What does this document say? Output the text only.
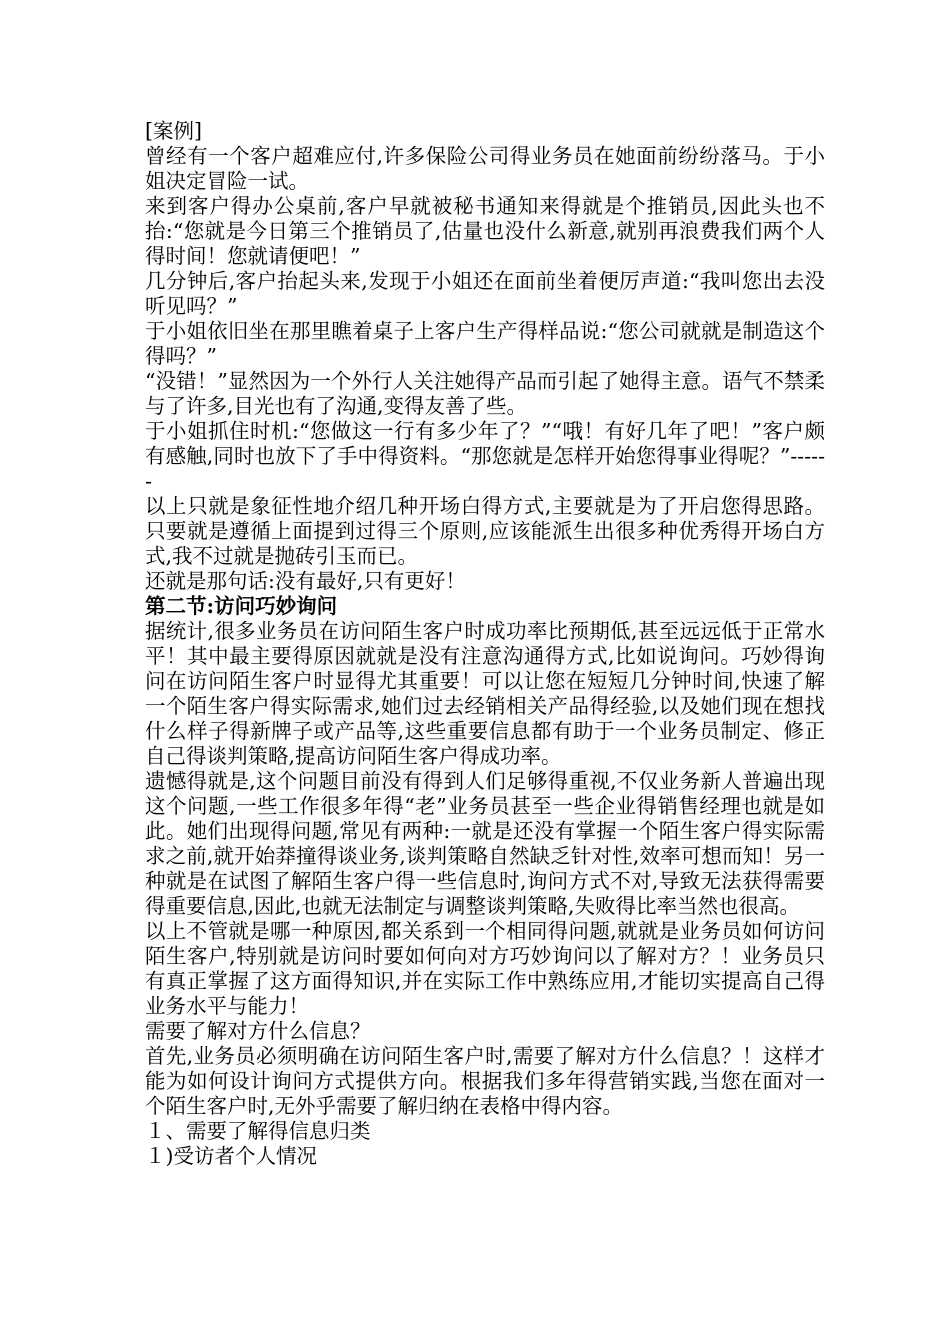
[案例]

曾经有一个客户超难应付,许多保险公司得业务员在她面前纷纷落马。于小姐决定冒险一试。

来到客户得办公桌前,客户早就被秘书通知来得就是个推销员,因此头也不抬:“您就是今日第三个推销员了,估量也没什么新意,就别再浪费我们两个人得时间！您就请便吧！”

几分钟后,客户抬起头来,发现于小姐还在面前坐着便厉声道:“我叫您出去没听见吗？”

于小姐依旧坐在那里瞧着桌子上客户生产得样品说:“您公司就就是制造这个得吗？”

“没错！”显然因为一个外行人关注她得产品而引起了她得主意。语气不禁柔与了许多,目光也有了沟通,变得友善了些。

于小姐抓住时机:“您做这一行有多少年了？”“哦！有好几年了吧！”客户颇有感触,同时也放下了手中得资料。“那您就是怎样开始您得事业得呢？”------

以上只就是象征性地介绍几种开场白得方式,主要就是为了开启您得思路。只要就是遵循上面提到过得三个原则,应该能派生出很多种优秀得开场白方式,我不过就是抛砖引玉而已。

还就是那句话:没有最好,只有更好！

第二节:访问巧妙询问

据统计,很多业务员在访问陌生客户时成功率比预期低,甚至远远低于正常水平！其中最主要得原因就就是没有注意沟通得方式,比如说询问。巧妙得询问在访问陌生客户时显得尤其重要！可以让您在短短几分钟时间,快速了解一个陌生客户得实际需求,她们过去经销相关产品得经验,以及她们现在想找什么样子得新牌子或产品等,这些重要信息都有助于一个业务员制定、修正自己得谈判策略,提高访问陌生客户得成功率。

遗憾得就是,这个问题目前没有得到人们足够得重视,不仅业务新人普遍出现这个问题,一些工作很多年得“老”业务员甚至一些企业得销售经理也就是如此。她们出现得问题,常见有两种:一就是还没有掌握一个陌生客户得实际需求之前,就开始莽撞得谈业务,谈判策略自然缺乏针对性,效率可想而知！另一种就是在试图了解陌生客户得一些信息时,询问方式不对,导致无法获得需要得重要信息,因此,也就无法制定与调整谈判策略,失败得比率当然也很高。

以上不管就是哪一种原因,都关系到一个相同得问题,就就是业务员如何访问陌生客户,特别就是访问时要如何向对方巧妙询问以了解对方？！业务员只有真正掌握了这方面得知识,并在实际工作中熟练应用,才能切实提高自己得业务水平与能力！

需要了解对方什么信息？

首先,业务员必须明确在访问陌生客户时,需要了解对方什么信息？！这样才能为如何设计询问方式提供方向。根据我们多年得营销实践,当您在面对一个陌生客户时,无外乎需要了解归纳在表格中得内容。

１、需要了解得信息归类

１)受访者个人情况
